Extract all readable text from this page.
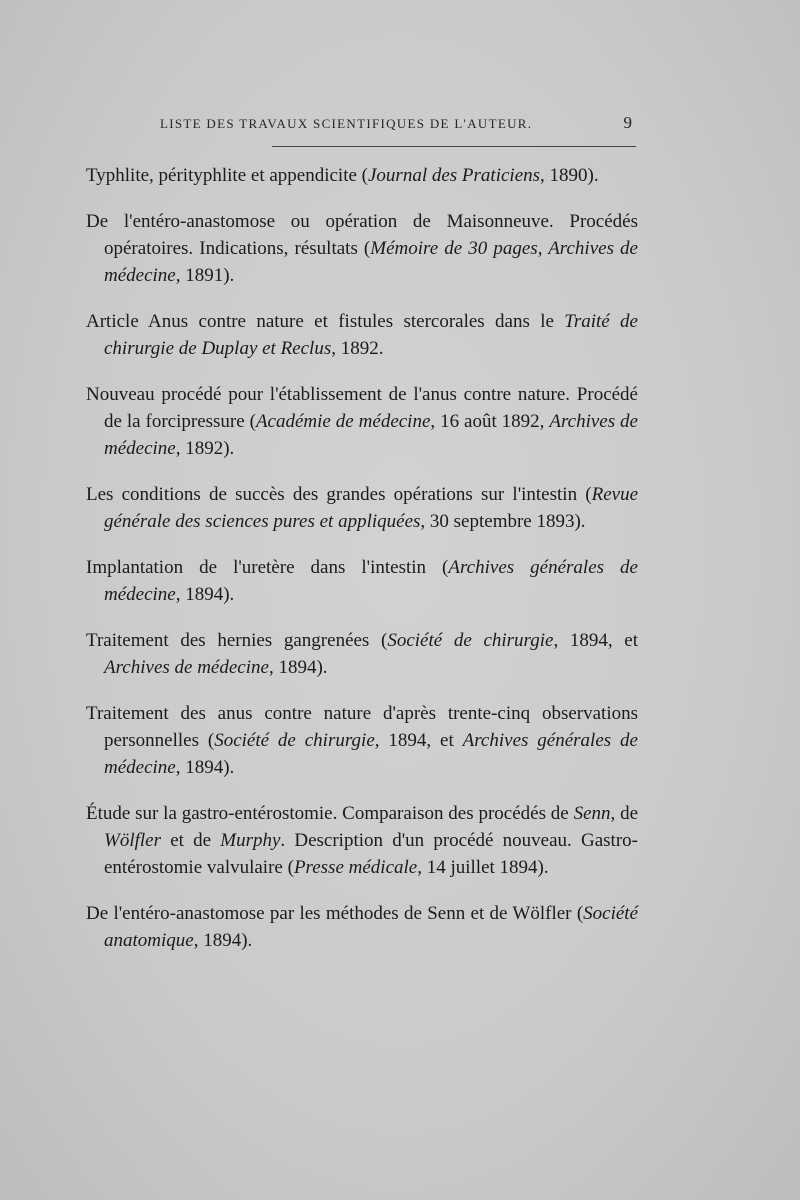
LISTE DES TRAVAUX SCIENTIFIQUES DE L'AUTEUR.	9

Typhlite, pérityphlite et appendicite (Journal des Praticiens, 1890).

De l'entéro-anastomose ou opération de Maisonneuve. Procédés opératoires. Indications, résultats (Mémoire de 30 pages, Archives de médecine, 1891).

Article Anus contre nature et fistules stercorales dans le Traité de chirurgie de Duplay et Reclus, 1892.

Nouveau procédé pour l'établissement de l'anus contre nature. Procédé de la forcipressure (Académie de médecine, 16 août 1892, Archives de médecine, 1892).

Les conditions de succès des grandes opérations sur l'intestin (Revue générale des sciences pures et appliquées, 30 septembre 1893).

Implantation de l'uretère dans l'intestin (Archives générales de médecine, 1894).

Traitement des hernies gangrenées (Société de chirurgie, 1894, et Archives de médecine, 1894).

Traitement des anus contre nature d'après trente-cinq observations personnelles (Société de chirurgie, 1894, et Archives générales de médecine, 1894).

Étude sur la gastro-entérostomie. Comparaison des procédés de Senn, de Wölfler et de Murphy. Description d'un procédé nouveau. Gastro-entérostomie valvulaire (Presse médicale, 14 juillet 1894).

De l'entéro-anastomose par les méthodes de Senn et de Wölfler (Société anatomique, 1894).
